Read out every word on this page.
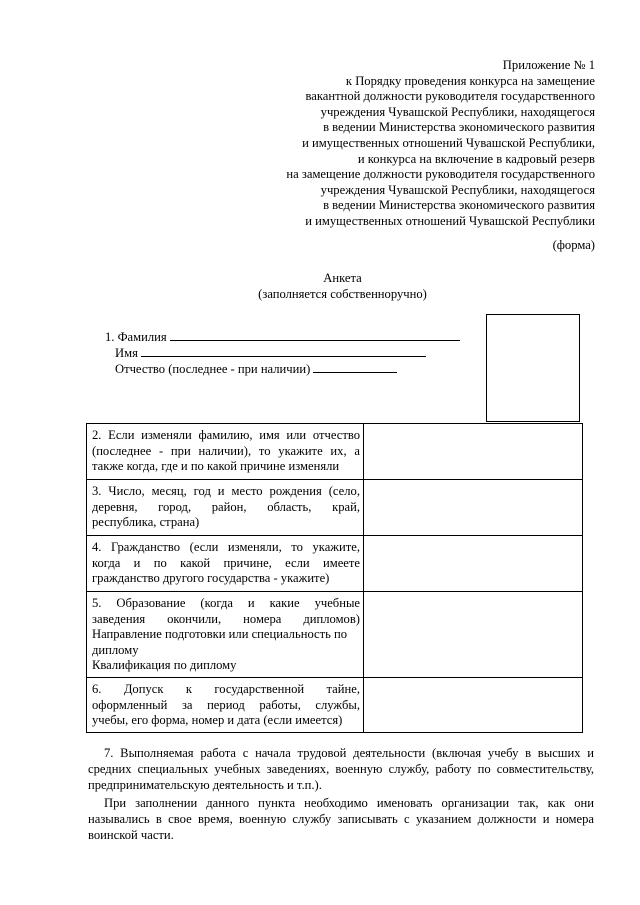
Приложение № 1
к Порядку проведения конкурса на замещение
вакантной должности руководителя государственного
учреждения Чувашской Республики, находящегося
в ведении Министерства экономического развития
и имущественных отношений Чувашской Республики,
и конкурса на включение в кадровый резерв
на замещение должности руководителя государственного
учреждения Чувашской Республики, находящегося
в ведении Министерства экономического развития
и имущественных отношений Чувашской Республики
(форма)
Анкета
(заполняется собственноручно)
1. Фамилия
Имя
Отчество (последнее - при наличии)
2. Если изменяли фамилию, имя или отчество
(последнее - при наличии), то укажите их, а
также когда, где и по какой причине изменяли	

3. Число, месяц, год и место рождения (село,
деревня, город, район, область, край,
республика, страна)	

4. Гражданство (если изменяли, то укажите,
когда и по какой причине, если имеете
гражданство другого государства - укажите)	

5. Образование (когда и какие учебные
заведения окончили, номера дипломов)
Направление подготовки или специальность по
диплому
Квалификация по диплому	

6. Допуск к государственной тайне,
оформленный за период работы, службы,
учебы, его форма, номер и дата (если имеется)	

7. Выполняемая работа с начала трудовой деятельности (включая учебу в высших и
средних специальных учебных заведениях, военную службу, работу по совместительству,
предпринимательскую деятельность и т.п.).
При заполнении данного пункта необходимо именовать организации так, как они
назывались в свое время, военную службу записывать с указанием должности и номера
воинской части.
